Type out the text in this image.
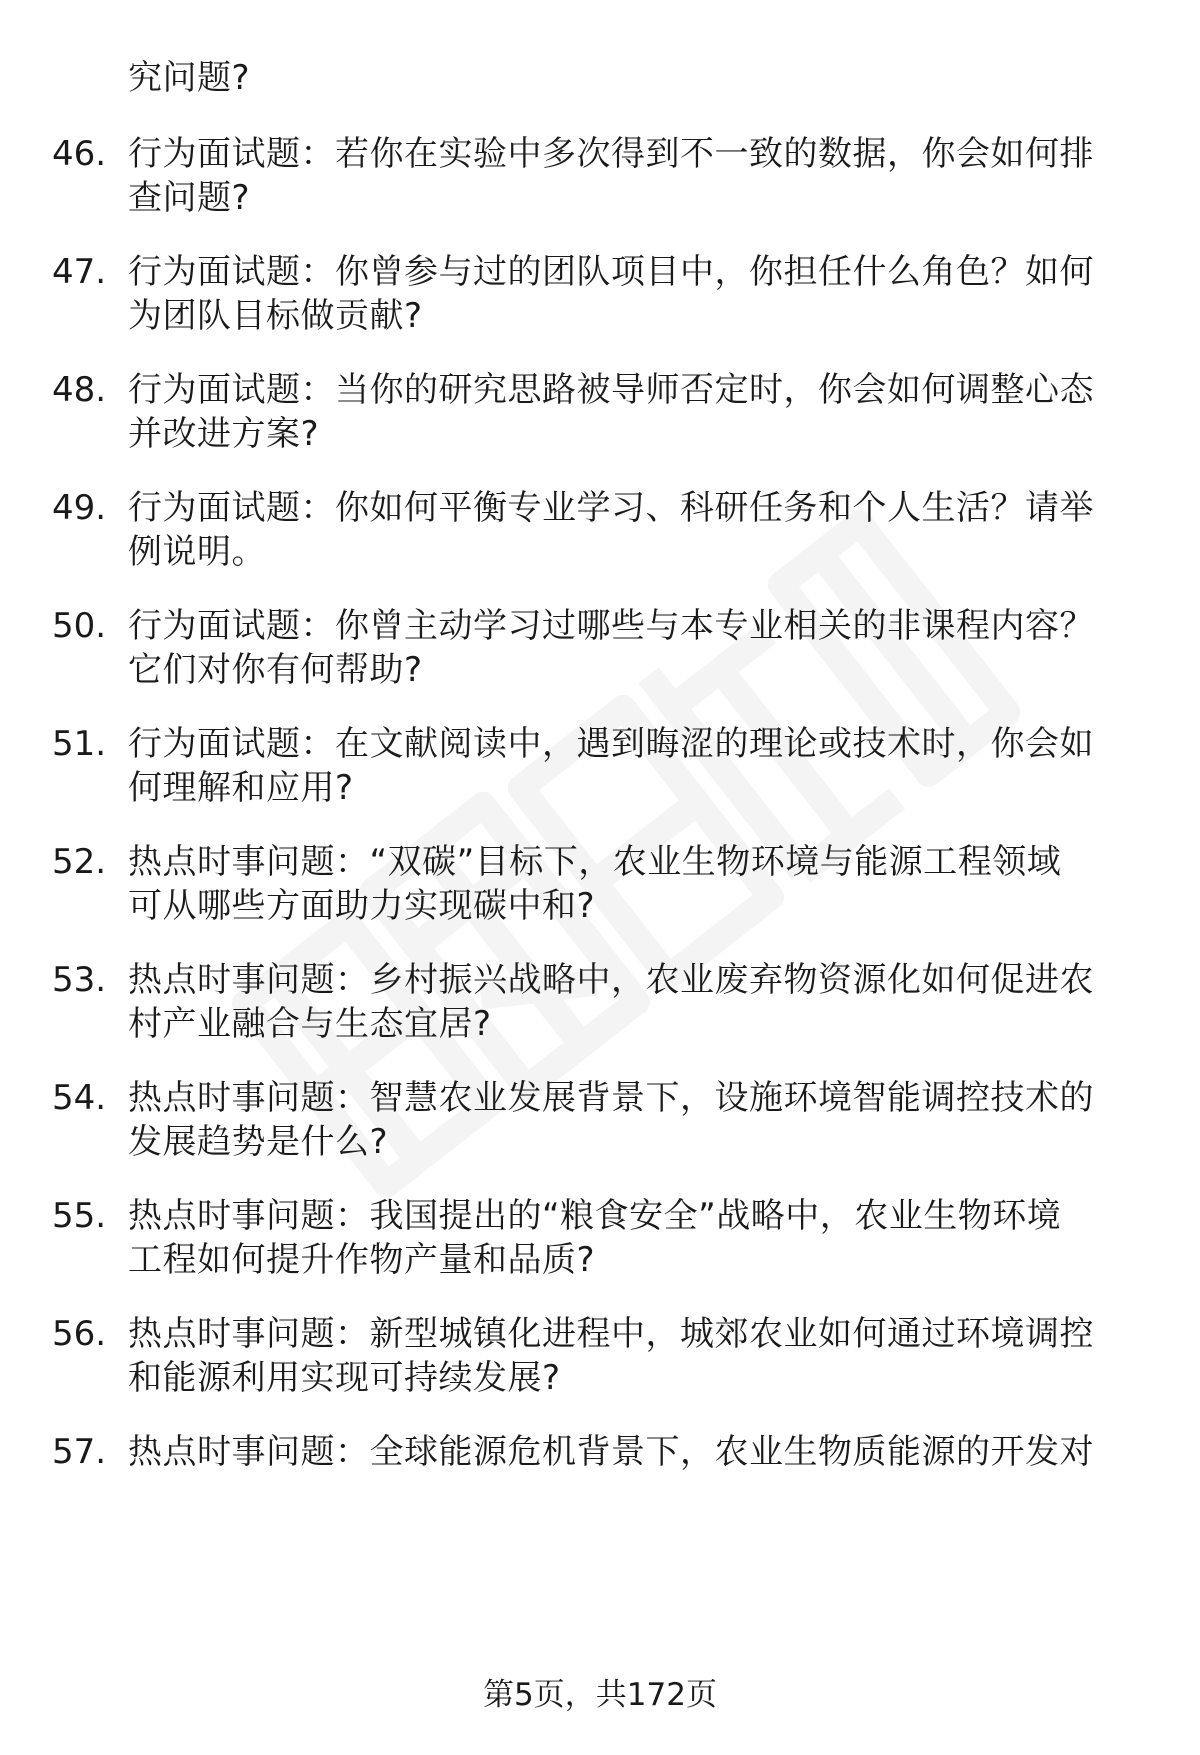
究问题?
46. 行为面试题：若你在实验中多次得到不一致的数据，你会如何排
查问题?
47. 行为面试题：你曾参与过的团队项目中，你担任什么角色？如何
为团队目标做贡献?
48. 行为面试题：当你的研究思路被导师否定时，你会如何调整心态
并改进方案?
49. 行为面试题：你如何平衡专业学习、科研任务和个人生活？请举
例说明。
50. 行为面试题：你曾主动学习过哪些与本专业相关的非课程内容？
它们对你有何帮助?
51. 行为面试题：在文献阅读中，遇到晦涩的理论或技术时，你会如
何理解和应用?
52. 热点时事问题：“双碳”目标下，农业生物环境与能源工程领域
可从哪些方面助力实现碳中和?
53. 热点时事问题：乡村振兴战略中，农业废弃物资源化如何促进农
村产业融合与生态宜居?
54. 热点时事问题：智慧农业发展背景下，设施环境智能调控技术的
发展趋势是什么?
55. 热点时事问题：我国提出的“粮食安全”战略中，农业生物环境
工程如何提升作物产量和品质?
56. 热点时事问题：新型城镇化进程中，城郊农业如何通过环境调控
和能源利用实现可持续发展?
57. 热点时事问题：全球能源危机背景下，农业生物质能源的开发对
第5页，共172页
